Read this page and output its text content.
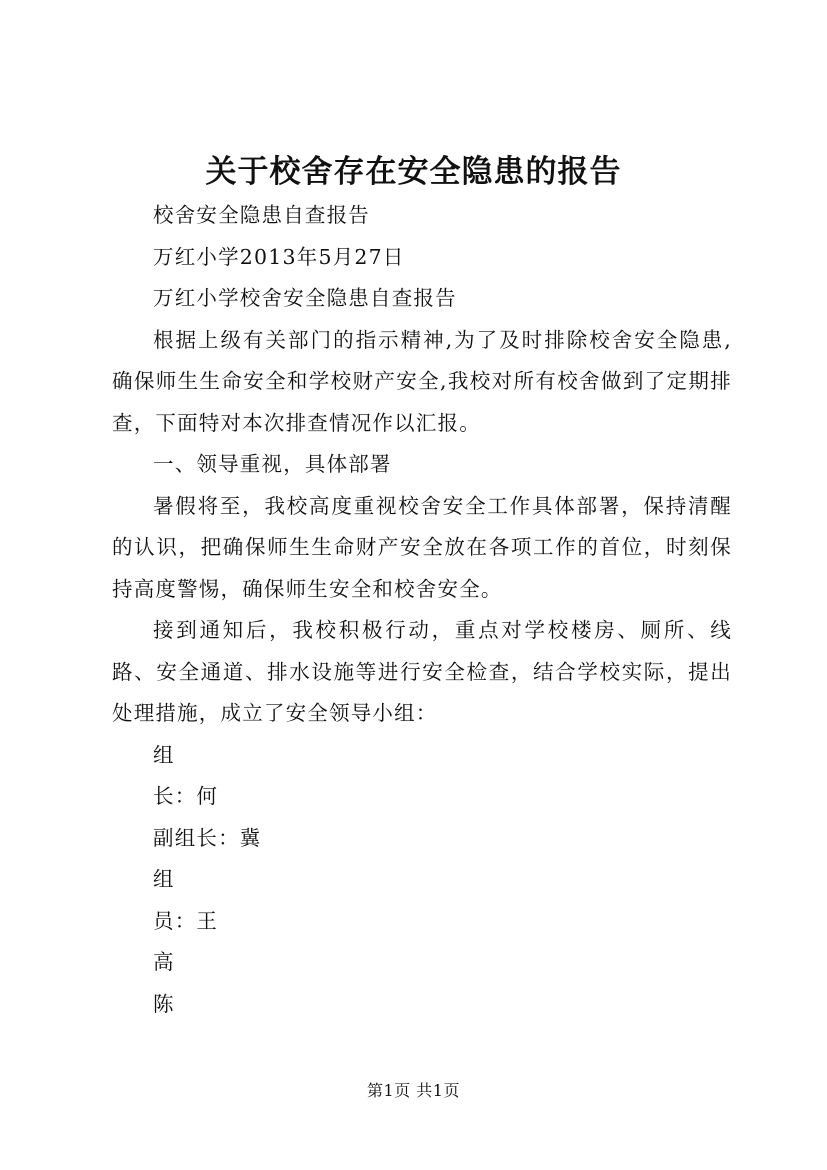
关于校舍存在安全隐患的报告

校舍安全隐患自查报告

万红小学2013年5月27日

万红小学校舍安全隐患自查报告

根据上级有关部门的指示精神,为了及时排除校舍安全隐患,确保师生生命安全和学校财产安全,我校对所有校舍做到了定期排查，下面特对本次排查情况作以汇报。

一、领导重视，具体部署

暑假将至，我校高度重视校舍安全工作具体部署，保持清醒的认识，把确保师生生命财产安全放在各项工作的首位，时刻保持高度警惕，确保师生安全和校舍安全。

接到通知后，我校积极行动，重点对学校楼房、厕所、线路、安全通道、排水设施等进行安全检查，结合学校实际，提出处理措施，成立了安全领导小组：

组

长：何

副组长：冀

组

员：王

高

陈

第1页 共1页
